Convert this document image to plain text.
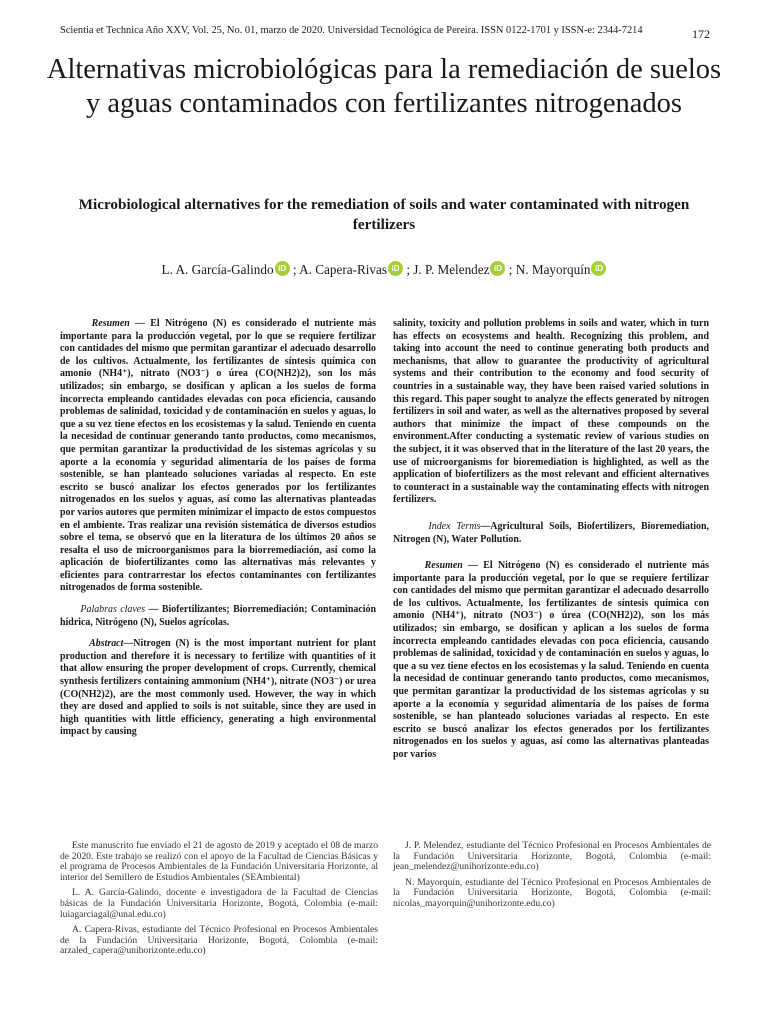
Scientia et Technica Año XXV, Vol. 25, No. 01, marzo de 2020. Universidad Tecnológica de Pereira. ISSN 0122-1701 y ISSN-e: 2344-7214	172
Alternativas microbiológicas para la remediación de suelos y aguas contaminados con fertilizantes nitrogenados
Microbiological alternatives for the remediation of soils and water contaminated with nitrogen fertilizers
L. A. García-Galindo iD ; A. Capera-Rivas iD ; J. P. Melendez iD ; N. Mayorquín iD

Resumen — El Nitrógeno (N) es considerado el nutriente más importante para la producción vegetal, por lo que se requiere fertilizar con cantidades del mismo que permitan garantizar el adecuado desarrollo de los cultivos. Actualmente, los fertilizantes de síntesis química con amonio (NH4⁺), nitrato (NO3⁻) o úrea (CO(NH2)2), son los más utilizados; sin embargo, se dosifican y aplican a los suelos de forma incorrecta empleando cantidades elevadas con poca eficiencia, causando problemas de salinidad, toxicidad y de contaminación en suelos y aguas, lo que a su vez tiene efectos en los ecosistemas y la salud. Teniendo en cuenta la necesidad de continuar generando tanto productos, como mecanismos, que permitan garantizar la productividad de los sistemas agrícolas y su aporte a la economía y seguridad alimentaria de los países de forma sostenible, se han planteado soluciones variadas al respecto. En este escrito se buscó analizar los efectos generados por los fertilizantes nitrogenados en los suelos y aguas, así como las alternativas planteadas por varios autores que permiten minimizar el impacto de estos compuestos en el ambiente. Tras realizar una revisión sistemática de diversos estudios sobre el tema, se observó que en la literatura de los últimos 20 años se resalta el uso de microorganismos para la biorremediación, así como la aplicación de biofertilizantes como las alternativas más relevantes y eficientes para contrarrestar los efectos contaminantes con fertilizantes nitrogenados de forma sostenible.

Palabras claves — Biofertilizantes; Biorremediación; Contaminación hídrica, Nitrógeno (N), Suelos agrícolas.

Abstract—Nitrogen (N) is the most important nutrient for plant production and therefore it is necessary to fertilize with quantities of it that allow ensuring the proper development of crops. Currently, chemical synthesis fertilizers containing ammonium (NH4⁺), nitrate (NO3⁻) or urea (CO(NH2)2), are the most commonly used. However, the way in which they are dosed and applied to soils is not suitable, since they are used in high quantities with little efficiency, generating a high environmental impact by causing

salinity, toxicity and pollution problems in soils and water, which in turn has effects on ecosystems and health. Recognizing this problem, and taking into account the need to continue generating both products and mechanisms, that allow to guarantee the productivity of agricultural systems and their contribution to the economy and food security of countries in a sustainable way, they have been raised varied solutions in this regard. This paper sought to analyze the effects generated by nitrogen fertilizers in soil and water, as well as the alternatives proposed by several authors that minimize the impact of these compounds on the environment.After conducting a systematic review of various studies on the subject, it it was observed that in the literature of the last 20 years, the use of microorganisms for bioremediation is highlighted, as well as the application of biofertilizers as the most relevant and efficient alternatives to counteract in a sustainable way the contaminating effects with nitrogen fertilizers.

Index Terms—Agricultural Soils, Biofertilizers, Bioremediation, Nitrogen (N), Water Pollution.

Resumen — El Nitrógeno (N) es considerado el nutriente más importante para la producción vegetal, por lo que se requiere fertilizar con cantidades del mismo que permitan garantizar el adecuado desarrollo de los cultivos. Actualmente, los fertilizantes de síntesis química con amonio (NH4⁺), nitrato (NO3⁻) o úrea (CO(NH2)2), son los más utilizados; sin embargo, se dosifican y aplican a los suelos de forma incorrecta empleando cantidades elevadas con poca eficiencia, causando problemas de salinidad, toxicidad y de contaminación en suelos y aguas, lo que a su vez tiene efectos en los ecosistemas y la salud. Teniendo en cuenta la necesidad de continuar generando tanto productos, como mecanismos, que permitan garantizar la productividad de los sistemas agrícolas y su aporte a la economía y seguridad alimentaria de los países de forma sostenible, se han planteado soluciones variadas al respecto. En este escrito se buscó analizar los efectos generados por los fertilizantes nitrogenados en los suelos y aguas, así como las alternativas planteadas por varios

Este manuscrito fue enviado el 21 de agosto de 2019 y aceptado el 08 de marzo de 2020. Este trabajo se realizó con el apoyo de la Facultad de Ciencias Básicas y el programa de Procesos Ambientales de la Fundación Universitaria Horizonte, al interior del Semillero de Estudios Ambientales (SEAmbiental)

L. A. García-Galindo, docente e investigadora de la Facultad de Ciencias básicas de la Fundación Universitaria Horizonte, Bogotá, Colombia (e-mail: luiagarciagal@unal.edu.co)

A. Capera-Rivas, estudiante del Técnico Profesional en Procesos Ambientales de la Fundación Universitaria Horizonte, Bogotá, Colombia (e-mail: arzaled_capera@unihorizonte.edu.co)

J. P. Melendez, estudiante del Técnico Profesional en Procesos Ambientales de la Fundación Universitaria Horizonte, Bogotá, Colombia (e-mail: jean_melendez@unihorizonte.edu.co)

N. Mayorquín, estudiante del Técnico Profesional en Procesos Ambientales de la Fundación Universitaria Horizonte, Bogotá, Colombia (e-mail: nicolas_mayorquin@unihorizonte.edu.co)
